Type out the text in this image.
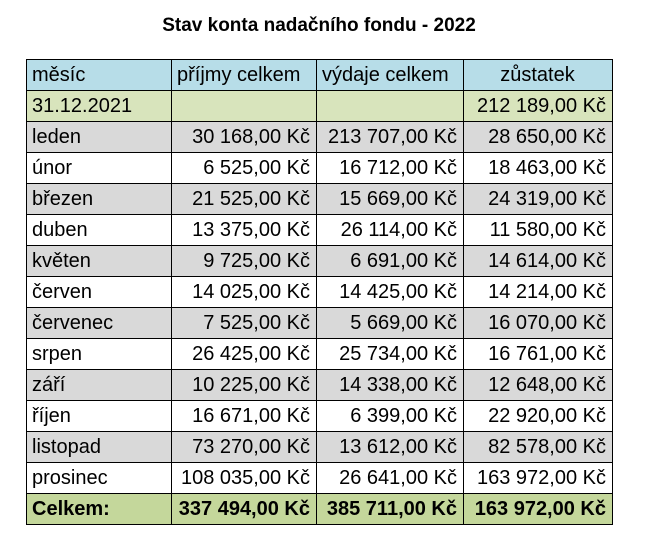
Stav konta nadačního fondu - 2022
měsíc	příjmy celkem	výdaje celkem	zůstatek
31.12.2021			212 189,00 Kč
leden	30 168,00 Kč	213 707,00 Kč	28 650,00 Kč
únor	6 525,00 Kč	16 712,00 Kč	18 463,00 Kč
březen	21 525,00 Kč	15 669,00 Kč	24 319,00 Kč
duben	13 375,00 Kč	26 114,00 Kč	11 580,00 Kč
květen	9 725,00 Kč	6 691,00 Kč	14 614,00 Kč
červen	14 025,00 Kč	14 425,00 Kč	14 214,00 Kč
červenec	7 525,00 Kč	5 669,00 Kč	16 070,00 Kč
srpen	26 425,00 Kč	25 734,00 Kč	16 761,00 Kč
září	10 225,00 Kč	14 338,00 Kč	12 648,00 Kč
říjen	16 671,00 Kč	6 399,00 Kč	22 920,00 Kč
listopad	73 270,00 Kč	13 612,00 Kč	82 578,00 Kč
prosinec	108 035,00 Kč	26 641,00 Kč	163 972,00 Kč
Celkem:	337 494,00 Kč	385 711,00 Kč	163 972,00 Kč
